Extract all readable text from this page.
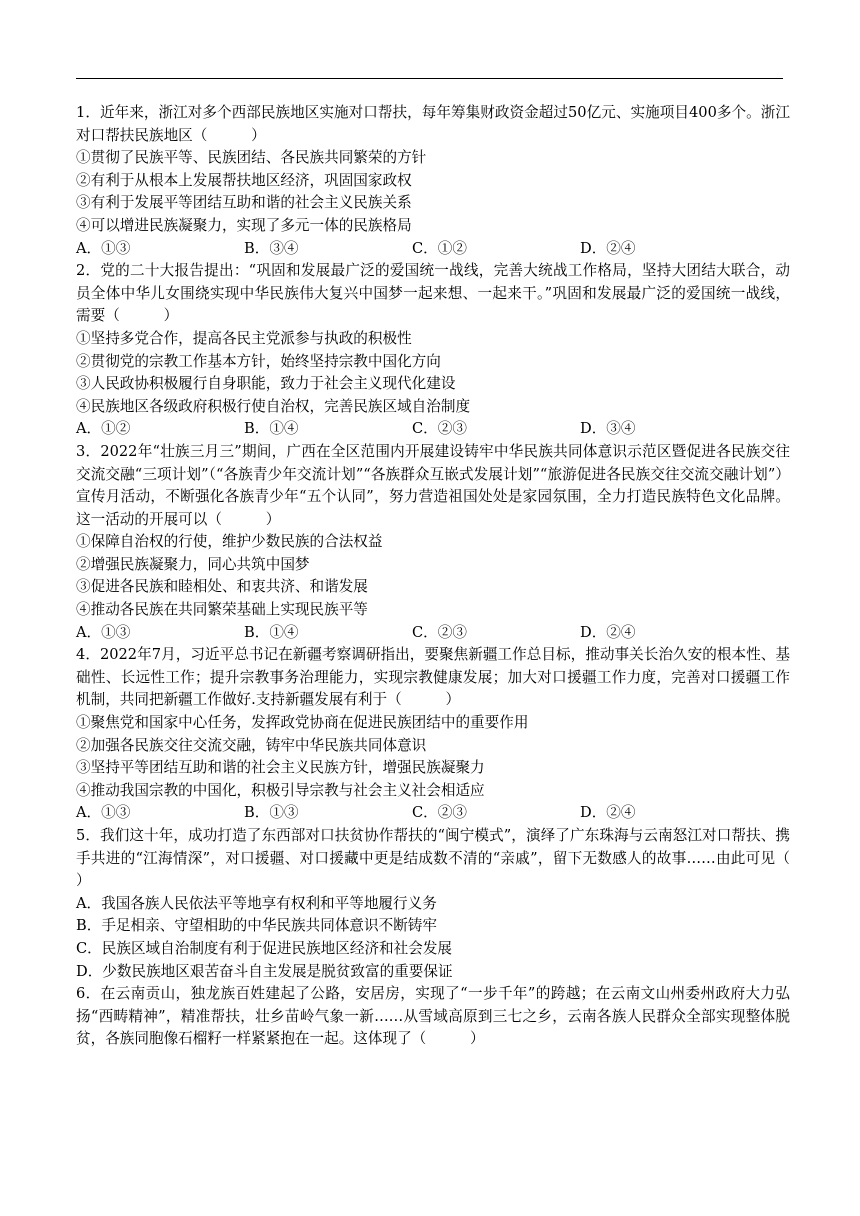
1．近年来，浙江对多个西部民族地区实施对口帮扶，每年筹集财政资金超过50亿元、实施项目400多个。浙江对口帮扶民族地区（　　　）

①贯彻了民族平等、民族团结、各民族共同繁荣的方针
②有利于从根本上发展帮扶地区经济，巩固国家政权
③有利于发展平等团结互助和谐的社会主义民族关系
④可以增进民族凝聚力，实现了多元一体的民族格局
A．①③	B．③④	C．①②	D．②④

2．党的二十大报告提出：“巩固和发展最广泛的爱国统一战线，完善大统战工作格局，坚持大团结大联合，动员全体中华儿女围绕实现中华民族伟大复兴中国梦一起来想、一起来干。”巩固和发展最广泛的爱国统一战线，需要（　　　）

①坚持多党合作，提高各民主党派参与执政的积极性
②贯彻党的宗教工作基本方针，始终坚持宗教中国化方向
③人民政协积极履行自身职能，致力于社会主义现代化建设
④民族地区各级政府积极行使自治权，完善民族区域自治制度
A．①②	B．①④	C．②③	D．③④

3．2022年“壮族三月三”期间，广西在全区范围内开展建设铸牢中华民族共同体意识示范区暨促进各民族交往交流交融“三项计划”（“各族青少年交流计划”“各族群众互嵌式发展计划”“旅游促进各民族交往交流交融计划”）宣传月活动，不断强化各族青少年“五个认同”，努力营造祖国处处是家园氛围，全力打造民族特色文化品牌。这一活动的开展可以（　　　）

①保障自治权的行使，维护少数民族的合法权益
②增强民族凝聚力，同心共筑中国梦
③促进各民族和睦相处、和衷共济、和谐发展
④推动各民族在共同繁荣基础上实现民族平等
A．①③	B．①④	C．②③	D．②④

4．2022年7月，习近平总书记在新疆考察调研指出，要聚焦新疆工作总目标，推动事关长治久安的根本性、基础性、长远性工作；提升宗教事务治理能力，实现宗教健康发展；加大对口援疆工作力度，完善对口援疆工作机制，共同把新疆工作做好.支持新疆发展有利于（　　　）

①聚焦党和国家中心任务，发挥政党协商在促进民族团结中的重要作用
②加强各民族交往交流交融，铸牢中华民族共同体意识
③坚持平等团结互助和谐的社会主义民族方针，增强民族凝聚力
④推动我国宗教的中国化，积极引导宗教与社会主义社会相适应
A．①③	B．①③	C．②③	D．②④

5．我们这十年，成功打造了东西部对口扶贫协作帮扶的“闽宁模式”，演绎了广东珠海与云南怒江对口帮扶、携手共进的“江海情深”，对口援疆、对口援藏中更是结成数不清的“亲戚”，留下无数感人的故事……由此可见（　　　）

A．我国各族人民依法平等地享有权利和平等地履行义务
B．手足相亲、守望相助的中华民族共同体意识不断铸牢
C．民族区域自治制度有利于促进民族地区经济和社会发展
D．少数民族地区艰苦奋斗自主发展是脱贫致富的重要保证

6．在云南贡山，独龙族百姓建起了公路，安居房，实现了“一步千年”的跨越；在云南文山州委州政府大力弘扬“西畴精神”，精准帮扶，壮乡苗岭气象一新……从雪域高原到三七之乡，云南各族人民群众全部实现整体脱贫，各族同胞像石榴籽一样紧紧抱在一起。这体现了（　　　）
